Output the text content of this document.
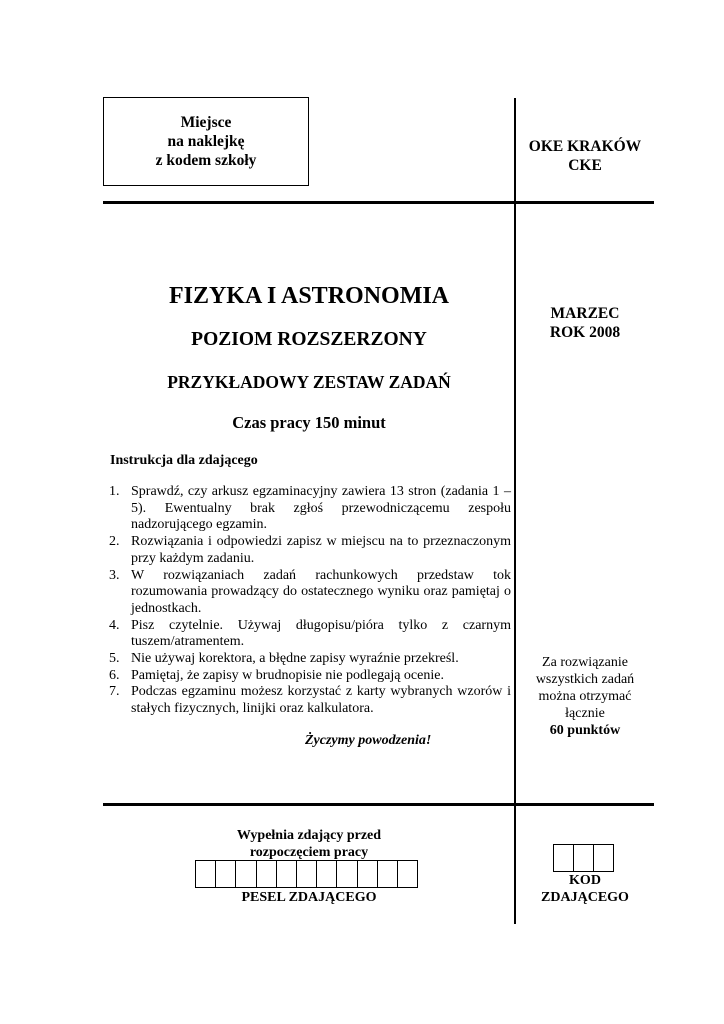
Miejsce
na naklejkę
z kodem szkoły
OKE KRAKÓW
CKE
MARZEC
ROK 2008
FIZYKA I ASTRONOMIA
POZIOM ROZSZERZONY
PRZYKŁADOWY ZESTAW ZADAŃ
Czas pracy 150 minut
Instrukcja dla zdającego
1. Sprawdź, czy arkusz egzaminacyjny zawiera 13 stron (zadania 1 – 5). Ewentualny brak zgłoś przewodniczącemu zespołu nadzorującego egzamin.
2. Rozwiązania i odpowiedzi zapisz w miejscu na to przeznaczonym przy każdym zadaniu.
3. W rozwiązaniach zadań rachunkowych przedstaw tok rozumowania prowadzący do ostatecznego wyniku oraz pamiętaj o jednostkach.
4. Pisz czytelnie. Używaj długopisu/pióra tylko z czarnym tuszem/atramentem.
5. Nie używaj korektora, a błędne zapisy wyraźnie przekreśl.
6. Pamiętaj, że zapisy w brudnopisie nie podlegają ocenie.
7. Podczas egzaminu możesz korzystać z karty wybranych wzorów i stałych fizycznych, linijki oraz kalkulatora.
Życzymy powodzenia!
Za rozwiązanie
wszystkich zadań
można otrzymać
łącznie
60 punktów
Wypełnia zdający przed
rozpoczęciem pracy
PESEL ZDAJĄCEGO
KOD
ZDAJĄCEGO
